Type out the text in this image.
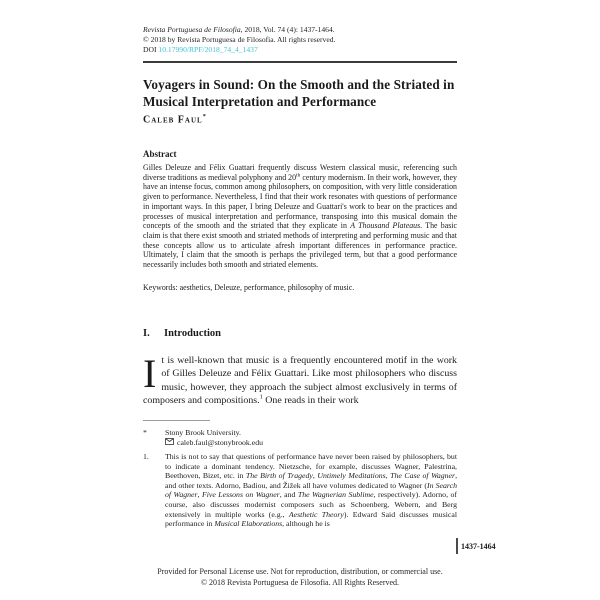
Revista Portuguesa de Filosofia, 2018, Vol. 74 (4): 1437-1464.
© 2018 by Revista Portuguesa de Filosofia. All rights reserved.
DOI 10.17990/RPF/2018_74_4_1437
Voyagers in Sound: On the Smooth and the Striated in Musical Interpretation and Performance
Caleb Faul*
Abstract
Gilles Deleuze and Félix Guattari frequently discuss Western classical music, referencing such diverse traditions as medieval polyphony and 20th century modernism. In their work, however, they have an intense focus, common among philosophers, on composition, with very little consideration given to performance. Nevertheless, I find that their work resonates with questions of performance in important ways. In this paper, I bring Deleuze and Guattari's work to bear on the practices and processes of musical interpretation and performance, transposing into this musical domain the concepts of the smooth and the striated that they explicate in A Thousand Plateaus. The basic claim is that there exist smooth and striated methods of interpreting and performing music and that these concepts allow us to articulate afresh important differences in performance practice. Ultimately, I claim that the smooth is perhaps the privileged term, but that a good performance necessarily includes both smooth and striated elements.
Keywords: aesthetics, Deleuze, performance, philosophy of music.
I. Introduction
It is well-known that music is a frequently encountered motif in the work of Gilles Deleuze and Félix Guattari. Like most philosophers who discuss music, however, they approach the subject almost exclusively in terms of composers and compositions.$^1$ One reads in their work
*	Stony Brook University.
caleb.faul@stonybrook.edu
1.	This is not to say that questions of performance have never been raised by philosophers, but to indicate a dominant tendency. Nietzsche, for example, discusses Wagner, Palestrina, Beethoven, Bizet, etc. in The Birth of Tragedy, Untimely Meditations, The Case of Wagner, and other texts. Adorno, Badiou, and Žižek all have volumes dedicated to Wagner (In Search of Wagner, Five Lessons on Wagner, and The Wagnerian Sublime, respectively). Adorno, of course, also discusses modernist composers such as Schoenberg, Webern, and Berg extensively in multiple works (e.g., Aesthetic Theory). Edward Said discusses musical performance in Musical Elaborations, although he is
1437-1464
Provided for Personal License use. Not for reproduction, distribution, or commercial use.
© 2018 Revista Portuguesa de Filosofia. All Rights Reserved.
